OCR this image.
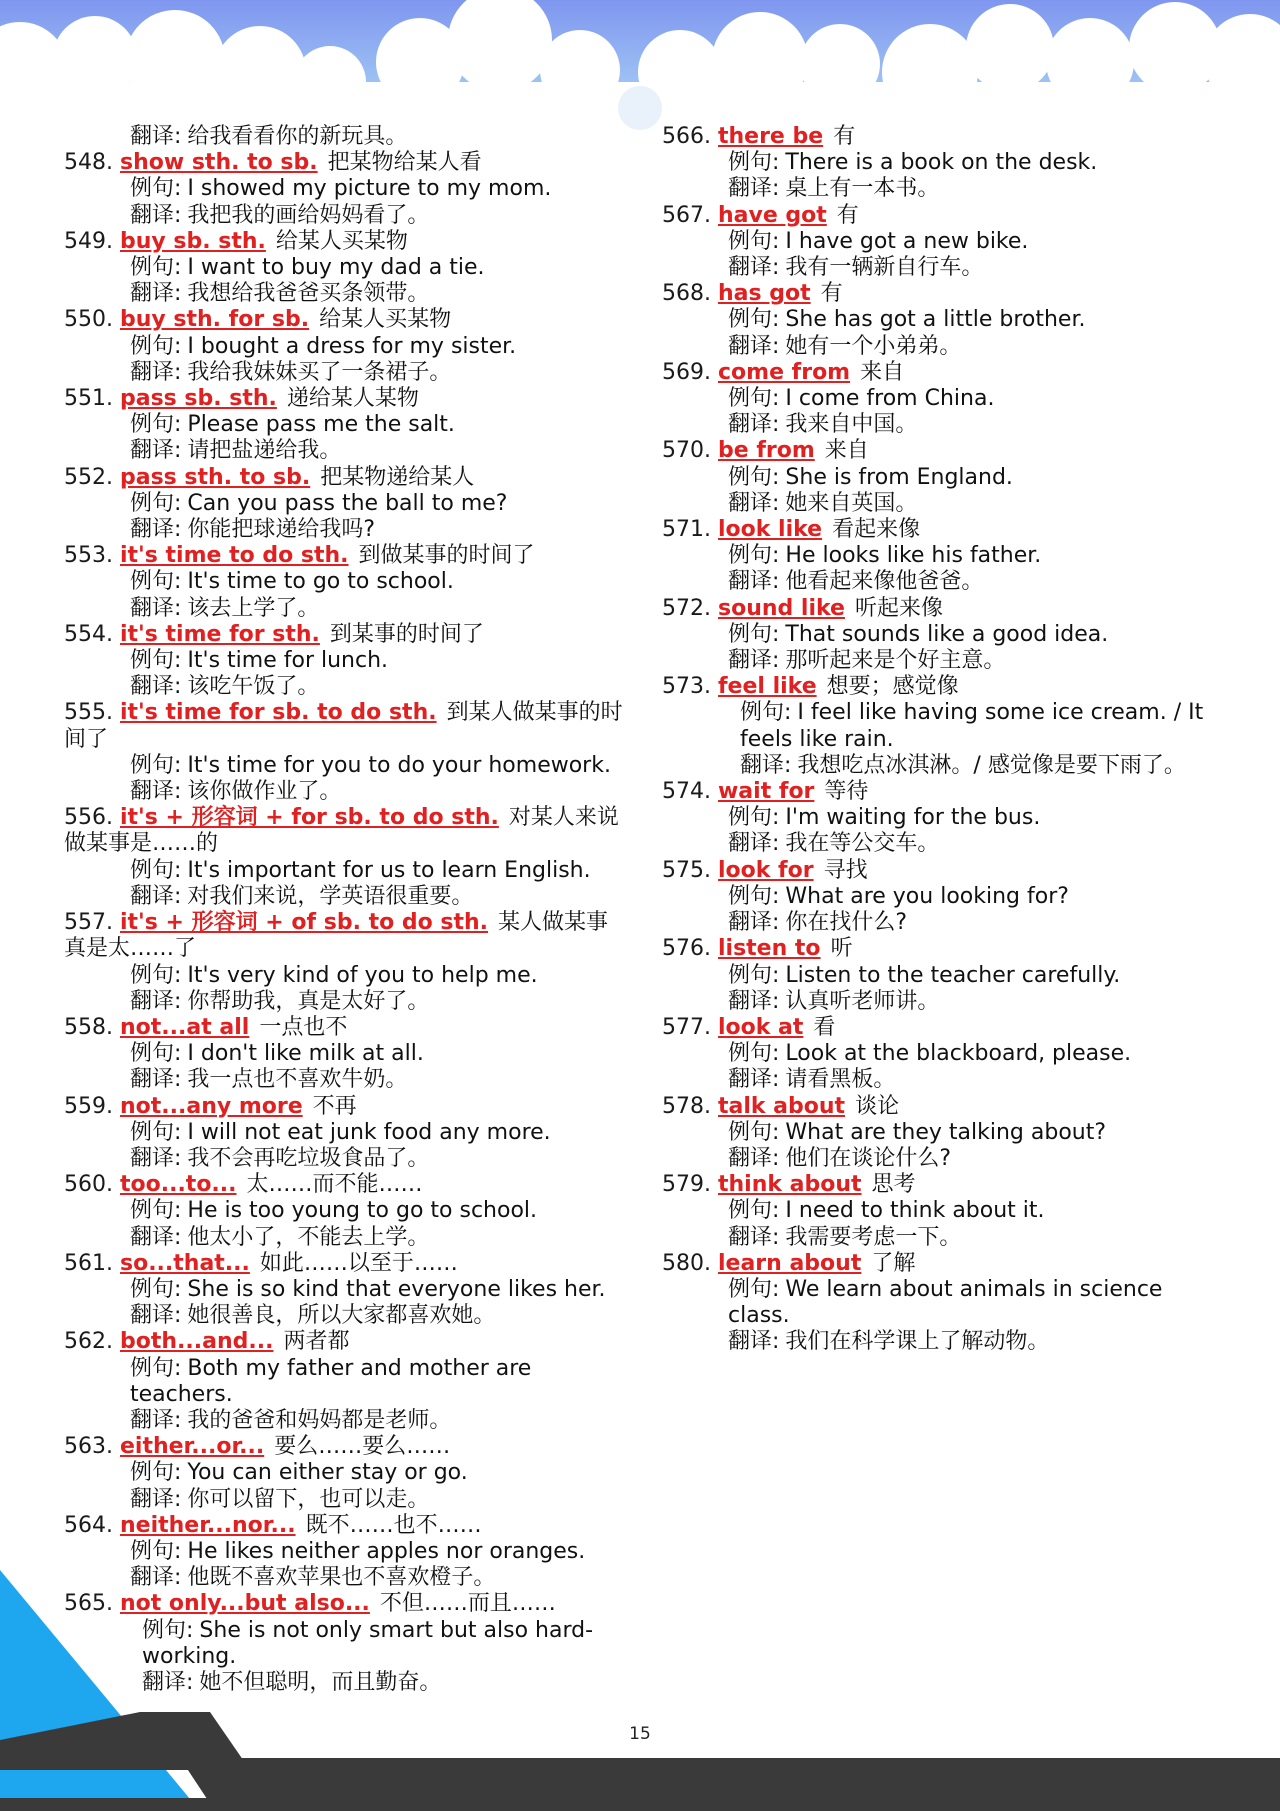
翻译: 给我看看你的新玩具。
548. show sth. to sb. 把某物给某人看
例句: I showed my picture to my mom.
翻译: 我把我的画给妈妈看了。
549. buy sb. sth. 给某人买某物
例句: I want to buy my dad a tie.
翻译: 我想给我爸爸买条领带。
550. buy sth. for sb. 给某人买某物
例句: I bought a dress for my sister.
翻译: 我给我妹妹买了一条裙子。
551. pass sb. sth. 递给某人某物
例句: Please pass me the salt.
翻译: 请把盐递给我。
552. pass sth. to sb. 把某物递给某人
例句: Can you pass the ball to me?
翻译: 你能把球递给我吗?
553. it's time to do sth. 到做某事的时间了
例句: It's time to go to school.
翻译: 该去上学了。
554. it's time for sth. 到某事的时间了
例句: It's time for lunch.
翻译: 该吃午饭了。
555. it's time for sb. to do sth. 到某人做某事的时间了
例句: It's time for you to do your homework.
翻译: 该你做作业了。
556. it's + 形容词 + for sb. to do sth. 对某人来说做某事是……的
例句: It's important for us to learn English.
翻译: 对我们来说，学英语很重要。
557. it's + 形容词 + of sb. to do sth. 某人做某事真是太……了
例句: It's very kind of you to help me.
翻译: 你帮助我，真是太好了。
558. not...at all 一点也不
例句: I don't like milk at all.
翻译: 我一点也不喜欢牛奶。
559. not...any more 不再
例句: I will not eat junk food any more.
翻译: 我不会再吃垃圾食品了。
560. too...to... 太……而不能……
例句: He is too young to go to school.
翻译: 他太小了，不能去上学。
561. so...that... 如此……以至于……
例句: She is so kind that everyone likes her.
翻译: 她很善良，所以大家都喜欢她。
562. both...and... 两者都
例句: Both my father and mother are teachers.
翻译: 我的爸爸和妈妈都是老师。
563. either...or... 要么……要么……
例句: You can either stay or go.
翻译: 你可以留下，也可以走。
564. neither...nor... 既不……也不……
例句: He likes neither apples nor oranges.
翻译: 他既不喜欢苹果也不喜欢橙子。
565. not only...but also... 不但……而且……
例句: She is not only smart but also hard-working.
翻译: 她不但聪明，而且勤奋。
566. there be 有
例句: There is a book on the desk.
翻译: 桌上有一本书。
567. have got 有
例句: I have got a new bike.
翻译: 我有一辆新自行车。
568. has got 有
例句: She has got a little brother.
翻译: 她有一个小弟弟。
569. come from 来自
例句: I come from China.
翻译: 我来自中国。
570. be from 来自
例句: She is from England.
翻译: 她来自英国。
571. look like 看起来像
例句: He looks like his father.
翻译: 他看起来像他爸爸。
572. sound like 听起来像
例句: That sounds like a good idea.
翻译: 那听起来是个好主意。
573. feel like 想要；感觉像
例句: I feel like having some ice cream. / It feels like rain.
翻译: 我想吃点冰淇淋。/ 感觉像是要下雨了。
574. wait for 等待
例句: I'm waiting for the bus.
翻译: 我在等公交车。
575. look for 寻找
例句: What are you looking for?
翻译: 你在找什么?
576. listen to 听
例句: Listen to the teacher carefully.
翻译: 认真听老师讲。
577. look at 看
例句: Look at the blackboard, please.
翻译: 请看黑板。
578. talk about 谈论
例句: What are they talking about?
翻译: 他们在谈论什么?
579. think about 思考
例句: I need to think about it.
翻译: 我需要考虑一下。
580. learn about 了解
例句: We learn about animals in science class.
翻译: 我们在科学课上了解动物。
15
